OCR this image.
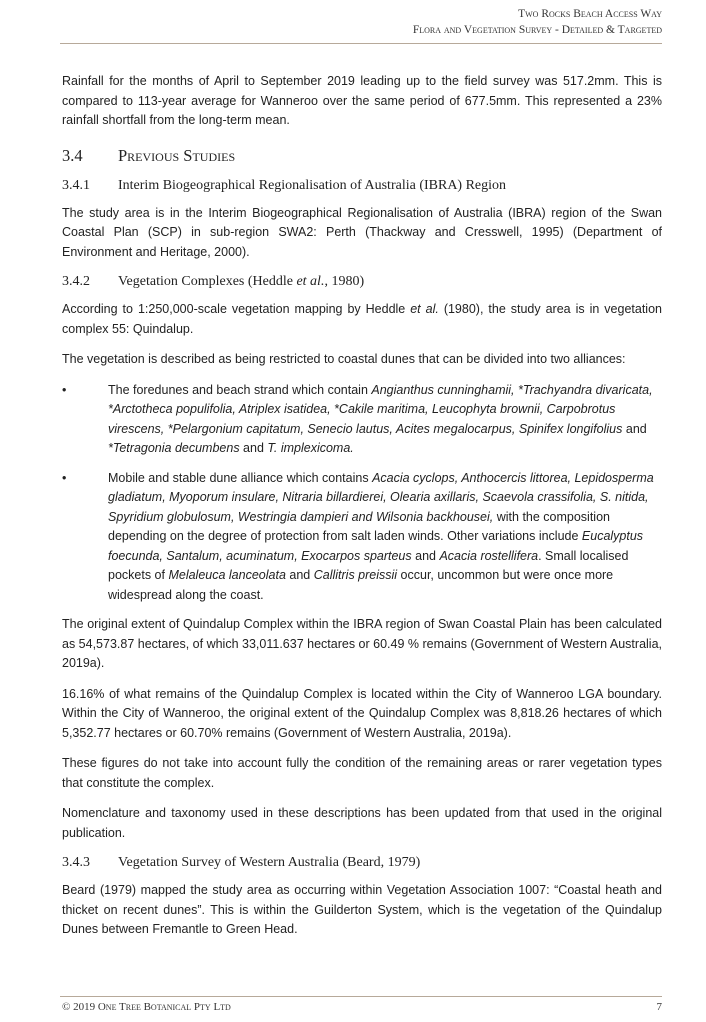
Two Rocks Beach Access Way
Flora and Vegetation Survey - Detailed & Targeted

Rainfall for the months of April to September 2019 leading up to the field survey was 517.2mm. This is compared to 113-year average for Wanneroo over the same period of 677.5mm. This represented a 23% rainfall shortfall from the long-term mean.

3.4 Previous Studies
3.4.1 Interim Biogeographical Regionalisation of Australia (IBRA) Region

The study area is in the Interim Biogeographical Regionalisation of Australia (IBRA) region of the Swan Coastal Plan (SCP) in sub-region SWA2: Perth (Thackway and Cresswell, 1995) (Department of Environment and Heritage, 2000).

3.4.2 Vegetation Complexes (Heddle et al., 1980)

According to 1:250,000-scale vegetation mapping by Heddle et al. (1980), the study area is in vegetation complex 55: Quindalup.

The vegetation is described as being restricted to coastal dunes that can be divided into two alliances:

•	The foredunes and beach strand which contain Angianthus cunninghamii, *Trachyandra divaricata, *Arctotheca populifolia, Atriplex isatidea, *Cakile maritima, Leucophyta brownii, Carpobrotus virescens, *Pelargonium capitatum, Senecio lautus, Acites megalocarpus, Spinifex longifolius and *Tetragonia decumbens and T. implexicoma.
•	Mobile and stable dune alliance which contains Acacia cyclops, Anthocercis littorea, Lepidosperma gladiatum, Myoporum insulare, Nitraria billardierei, Olearia axillaris, Scaevola crassifolia, S. nitida, Spyridium globulosum, Westringia dampieri and Wilsonia backhousei, with the composition depending on the degree of protection from salt laden winds. Other variations include Eucalyptus foecunda, Santalum, acuminatum, Exocarpos sparteus and Acacia rostellifera. Small localised pockets of Melaleuca lanceolata and Callitris preissii occur, uncommon but were once more widespread along the coast.

The original extent of Quindalup Complex within the IBRA region of Swan Coastal Plain has been calculated as 54,573.87 hectares, of which 33,011.637 hectares or 60.49 % remains (Government of Western Australia, 2019a).

16.16% of what remains of the Quindalup Complex is located within the City of Wanneroo LGA boundary. Within the City of Wanneroo, the original extent of the Quindalup Complex was 8,818.26 hectares of which 5,352.77 hectares or 60.70% remains (Government of Western Australia, 2019a).

These figures do not take into account fully the condition of the remaining areas or rarer vegetation types that constitute the complex.

Nomenclature and taxonomy used in these descriptions has been updated from that used in the original publication.

3.4.3 Vegetation Survey of Western Australia (Beard, 1979)

Beard (1979) mapped the study area as occurring within Vegetation Association 1007: “Coastal heath and thicket on recent dunes”. This is within the Guilderton System, which is the vegetation of the Quindalup Dunes between Fremantle to Green Head.

© 2019 One Tree Botanical Pty Ltd	7
